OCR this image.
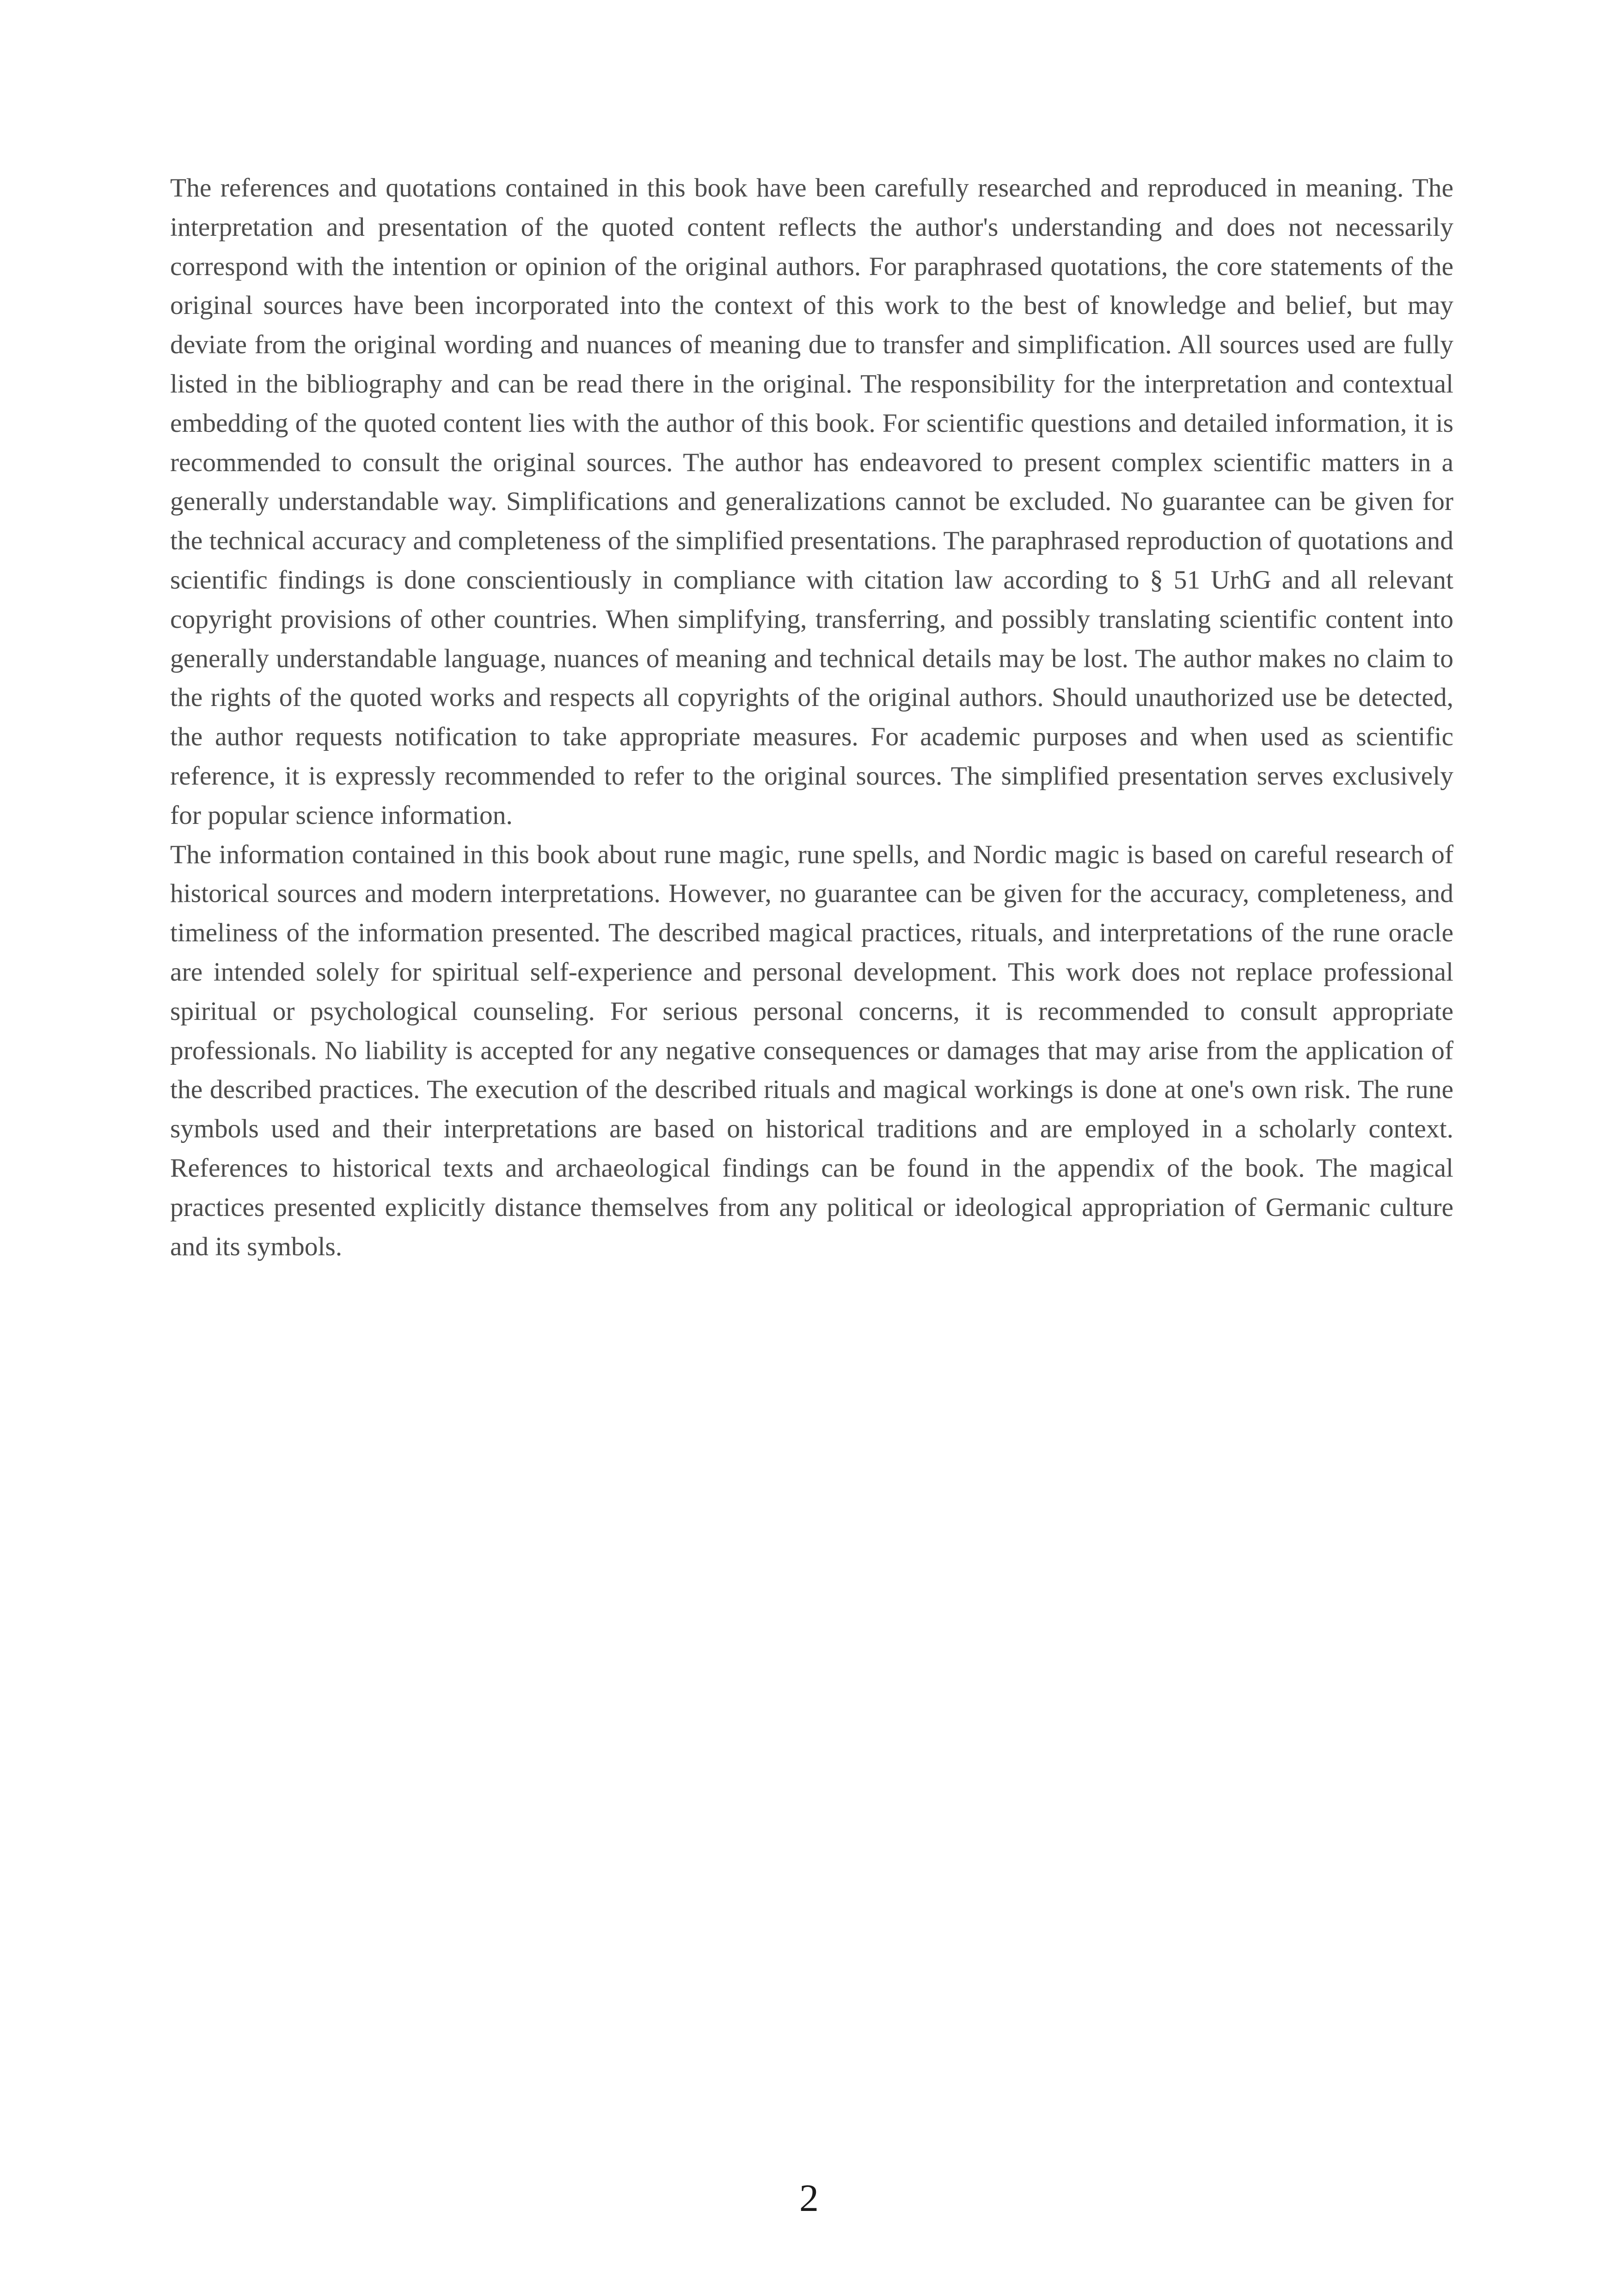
The references and quotations contained in this book have been carefully researched and reproduced in meaning. The interpretation and presentation of the quoted content reflects the author's understanding and does not necessarily correspond with the intention or opinion of the original authors. For paraphrased quotations, the core statements of the original sources have been incorporated into the context of this work to the best of knowledge and belief, but may deviate from the original wording and nuances of meaning due to transfer and simplification. All sources used are fully listed in the bibliography and can be read there in the original. The responsibility for the interpretation and contextual embedding of the quoted content lies with the author of this book. For scientific questions and detailed information, it is recommended to consult the original sources. The author has endeavored to present complex scientific matters in a generally understandable way. Simplifications and generalizations cannot be excluded. No guarantee can be given for the technical accuracy and completeness of the simplified presentations. The paraphrased reproduction of quotations and scientific findings is done conscientiously in compliance with citation law according to § 51 UrhG and all relevant copyright provisions of other countries. When simplifying, transferring, and possibly translating scientific content into generally understandable language, nuances of meaning and technical details may be lost. The author makes no claim to the rights of the quoted works and respects all copyrights of the original authors. Should unauthorized use be detected, the author requests notification to take appropriate measures. For academic purposes and when used as scientific reference, it is expressly recommended to refer to the original sources. The simplified presentation serves exclusively for popular science information.

The information contained in this book about rune magic, rune spells, and Nordic magic is based on careful research of historical sources and modern interpretations. However, no guarantee can be given for the accuracy, completeness, and timeliness of the information presented. The described magical practices, rituals, and interpretations of the rune oracle are intended solely for spiritual self-experience and personal development. This work does not replace professional spiritual or psychological counseling. For serious personal concerns, it is recommended to consult appropriate professionals. No liability is accepted for any negative consequences or damages that may arise from the application of the described practices. The execution of the described rituals and magical workings is done at one's own risk. The rune symbols used and their interpretations are based on historical traditions and are employed in a scholarly context. References to historical texts and archaeological findings can be found in the appendix of the book. The magical practices presented explicitly distance themselves from any political or ideological appropriation of Germanic culture and its symbols.

2
